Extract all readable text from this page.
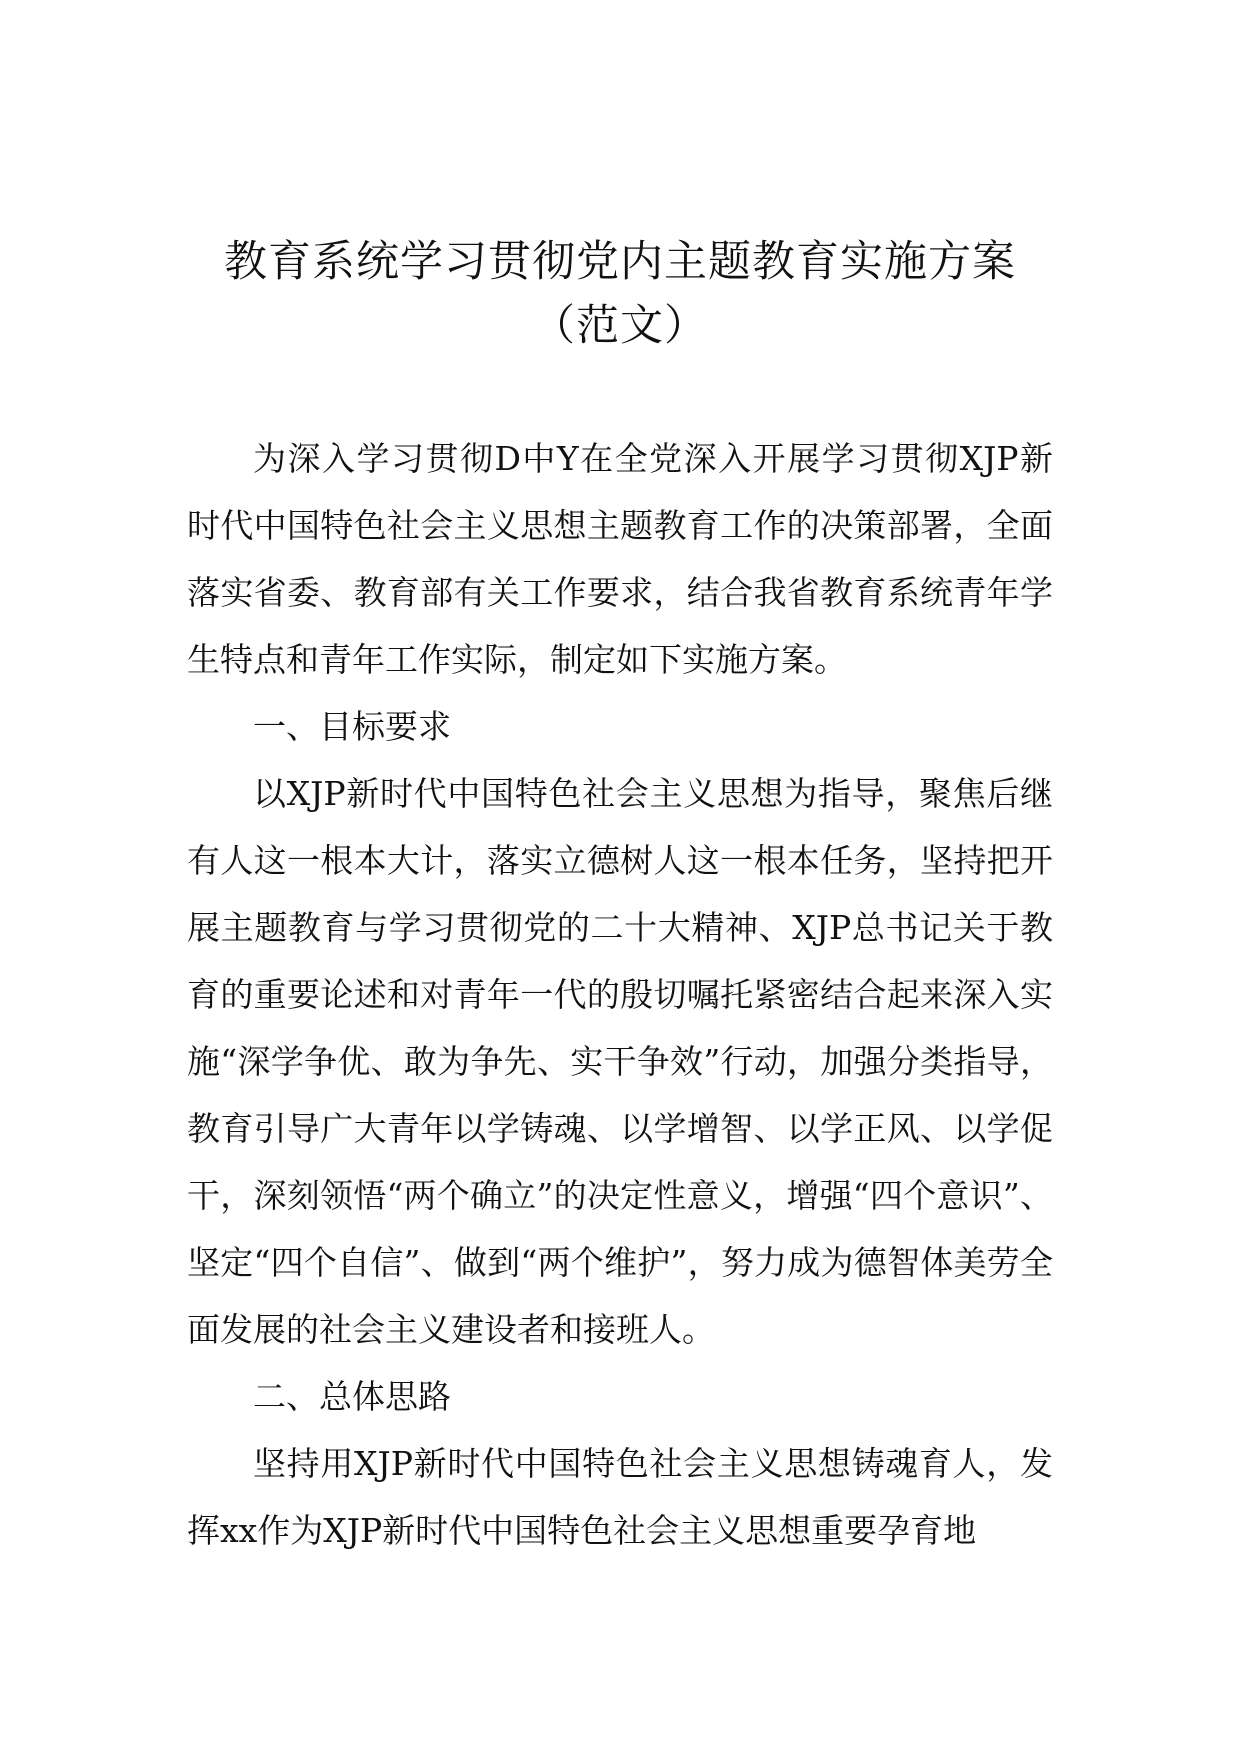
教育系统学习贯彻党内主题教育实施方案
（范文）

为深入学习贯彻D中Y在全党深入开展学习贯彻XJP新时代中国特色社会主义思想主题教育工作的决策部署，全面落实省委、教育部有关工作要求，结合我省教育系统青年学生特点和青年工作实际，制定如下实施方案。

一、目标要求

以XJP新时代中国特色社会主义思想为指导，聚焦后继有人这一根本大计，落实立德树人这一根本任务，坚持把开展主题教育与学习贯彻党的二十大精神、XJP总书记关于教育的重要论述和对青年一代的殷切嘱托紧密结合起来深入实施“深学争优、敢为争先、实干争效”行动，加强分类指导，教育引导广大青年以学铸魂、以学增智、以学正风、以学促干，深刻领悟“两个确立”的决定性意义，增强“四个意识”、坚定“四个自信”、做到“两个维护”，努力成为德智体美劳全面发展的社会主义建设者和接班人。

二、总体思路

坚持用XJP新时代中国特色社会主义思想铸魂育人，发挥xx作为XJP新时代中国特色社会主义思想重要孕育地
